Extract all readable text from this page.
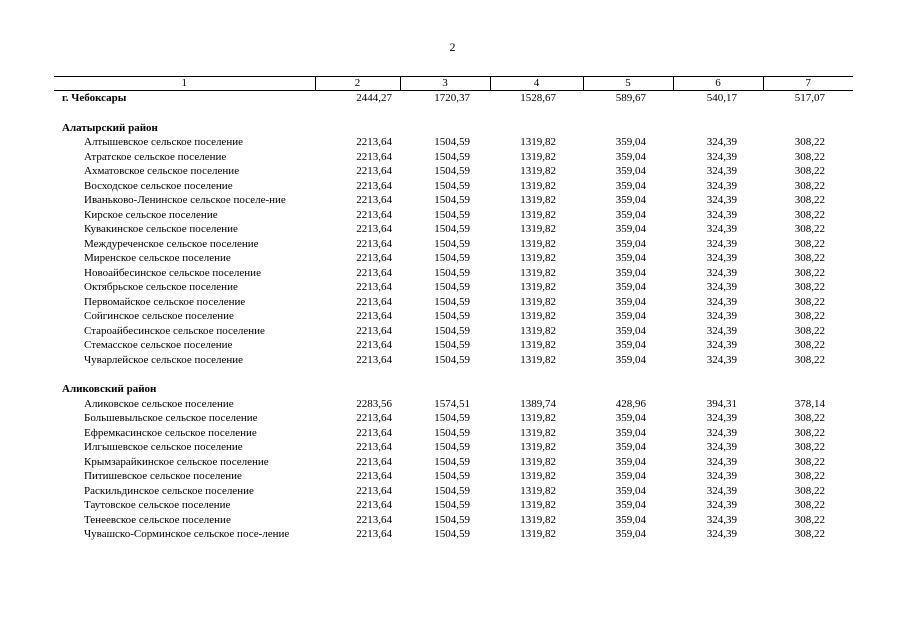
2
1	2	3	4	5	6	7
г. Чебоксары	2444,27	1720,37	1528,67	589,67	540,17	517,07

Алатырский район						
Алтышевское сельское поселение	2213,64	1504,59	1319,82	359,04	324,39	308,22
Атратское сельское поселение	2213,64	1504,59	1319,82	359,04	324,39	308,22
Ахматовское сельское поселение	2213,64	1504,59	1319,82	359,04	324,39	308,22
Восходское сельское поселение	2213,64	1504,59	1319,82	359,04	324,39	308,22
Иваньково-Ленинское сельское поселе-ние	2213,64	1504,59	1319,82	359,04	324,39	308,22
Кирское сельское поселение	2213,64	1504,59	1319,82	359,04	324,39	308,22
Кувакинское сельское поселение	2213,64	1504,59	1319,82	359,04	324,39	308,22
Междуреченское сельское поселение	2213,64	1504,59	1319,82	359,04	324,39	308,22
Миренское сельское поселение	2213,64	1504,59	1319,82	359,04	324,39	308,22
Новоайбесинское сельское поселение	2213,64	1504,59	1319,82	359,04	324,39	308,22
Октябрьское сельское поселение	2213,64	1504,59	1319,82	359,04	324,39	308,22
Первомайское сельское поселение	2213,64	1504,59	1319,82	359,04	324,39	308,22
Сойгинское сельское поселение	2213,64	1504,59	1319,82	359,04	324,39	308,22
Староайбесинское сельское поселение	2213,64	1504,59	1319,82	359,04	324,39	308,22
Стемасское сельское поселение	2213,64	1504,59	1319,82	359,04	324,39	308,22
Чуварлейское сельское поселение	2213,64	1504,59	1319,82	359,04	324,39	308,22

Аликовский район						
Аликовское сельское поселение	2283,56	1574,51	1389,74	428,96	394,31	378,14
Большевыльское сельское поселение	2213,64	1504,59	1319,82	359,04	324,39	308,22
Ефремкасинское сельское поселение	2213,64	1504,59	1319,82	359,04	324,39	308,22
Илгышевское сельское поселение	2213,64	1504,59	1319,82	359,04	324,39	308,22
Крымзарайкинское сельское поселение	2213,64	1504,59	1319,82	359,04	324,39	308,22
Питишевское сельское поселение	2213,64	1504,59	1319,82	359,04	324,39	308,22
Раскильдинское сельское поселение	2213,64	1504,59	1319,82	359,04	324,39	308,22
Таутовское сельское поселение	2213,64	1504,59	1319,82	359,04	324,39	308,22
Тенеевское сельское поселение	2213,64	1504,59	1319,82	359,04	324,39	308,22
Чувашско-Сорминское сельское посе-ление	2213,64	1504,59	1319,82	359,04	324,39	308,22
